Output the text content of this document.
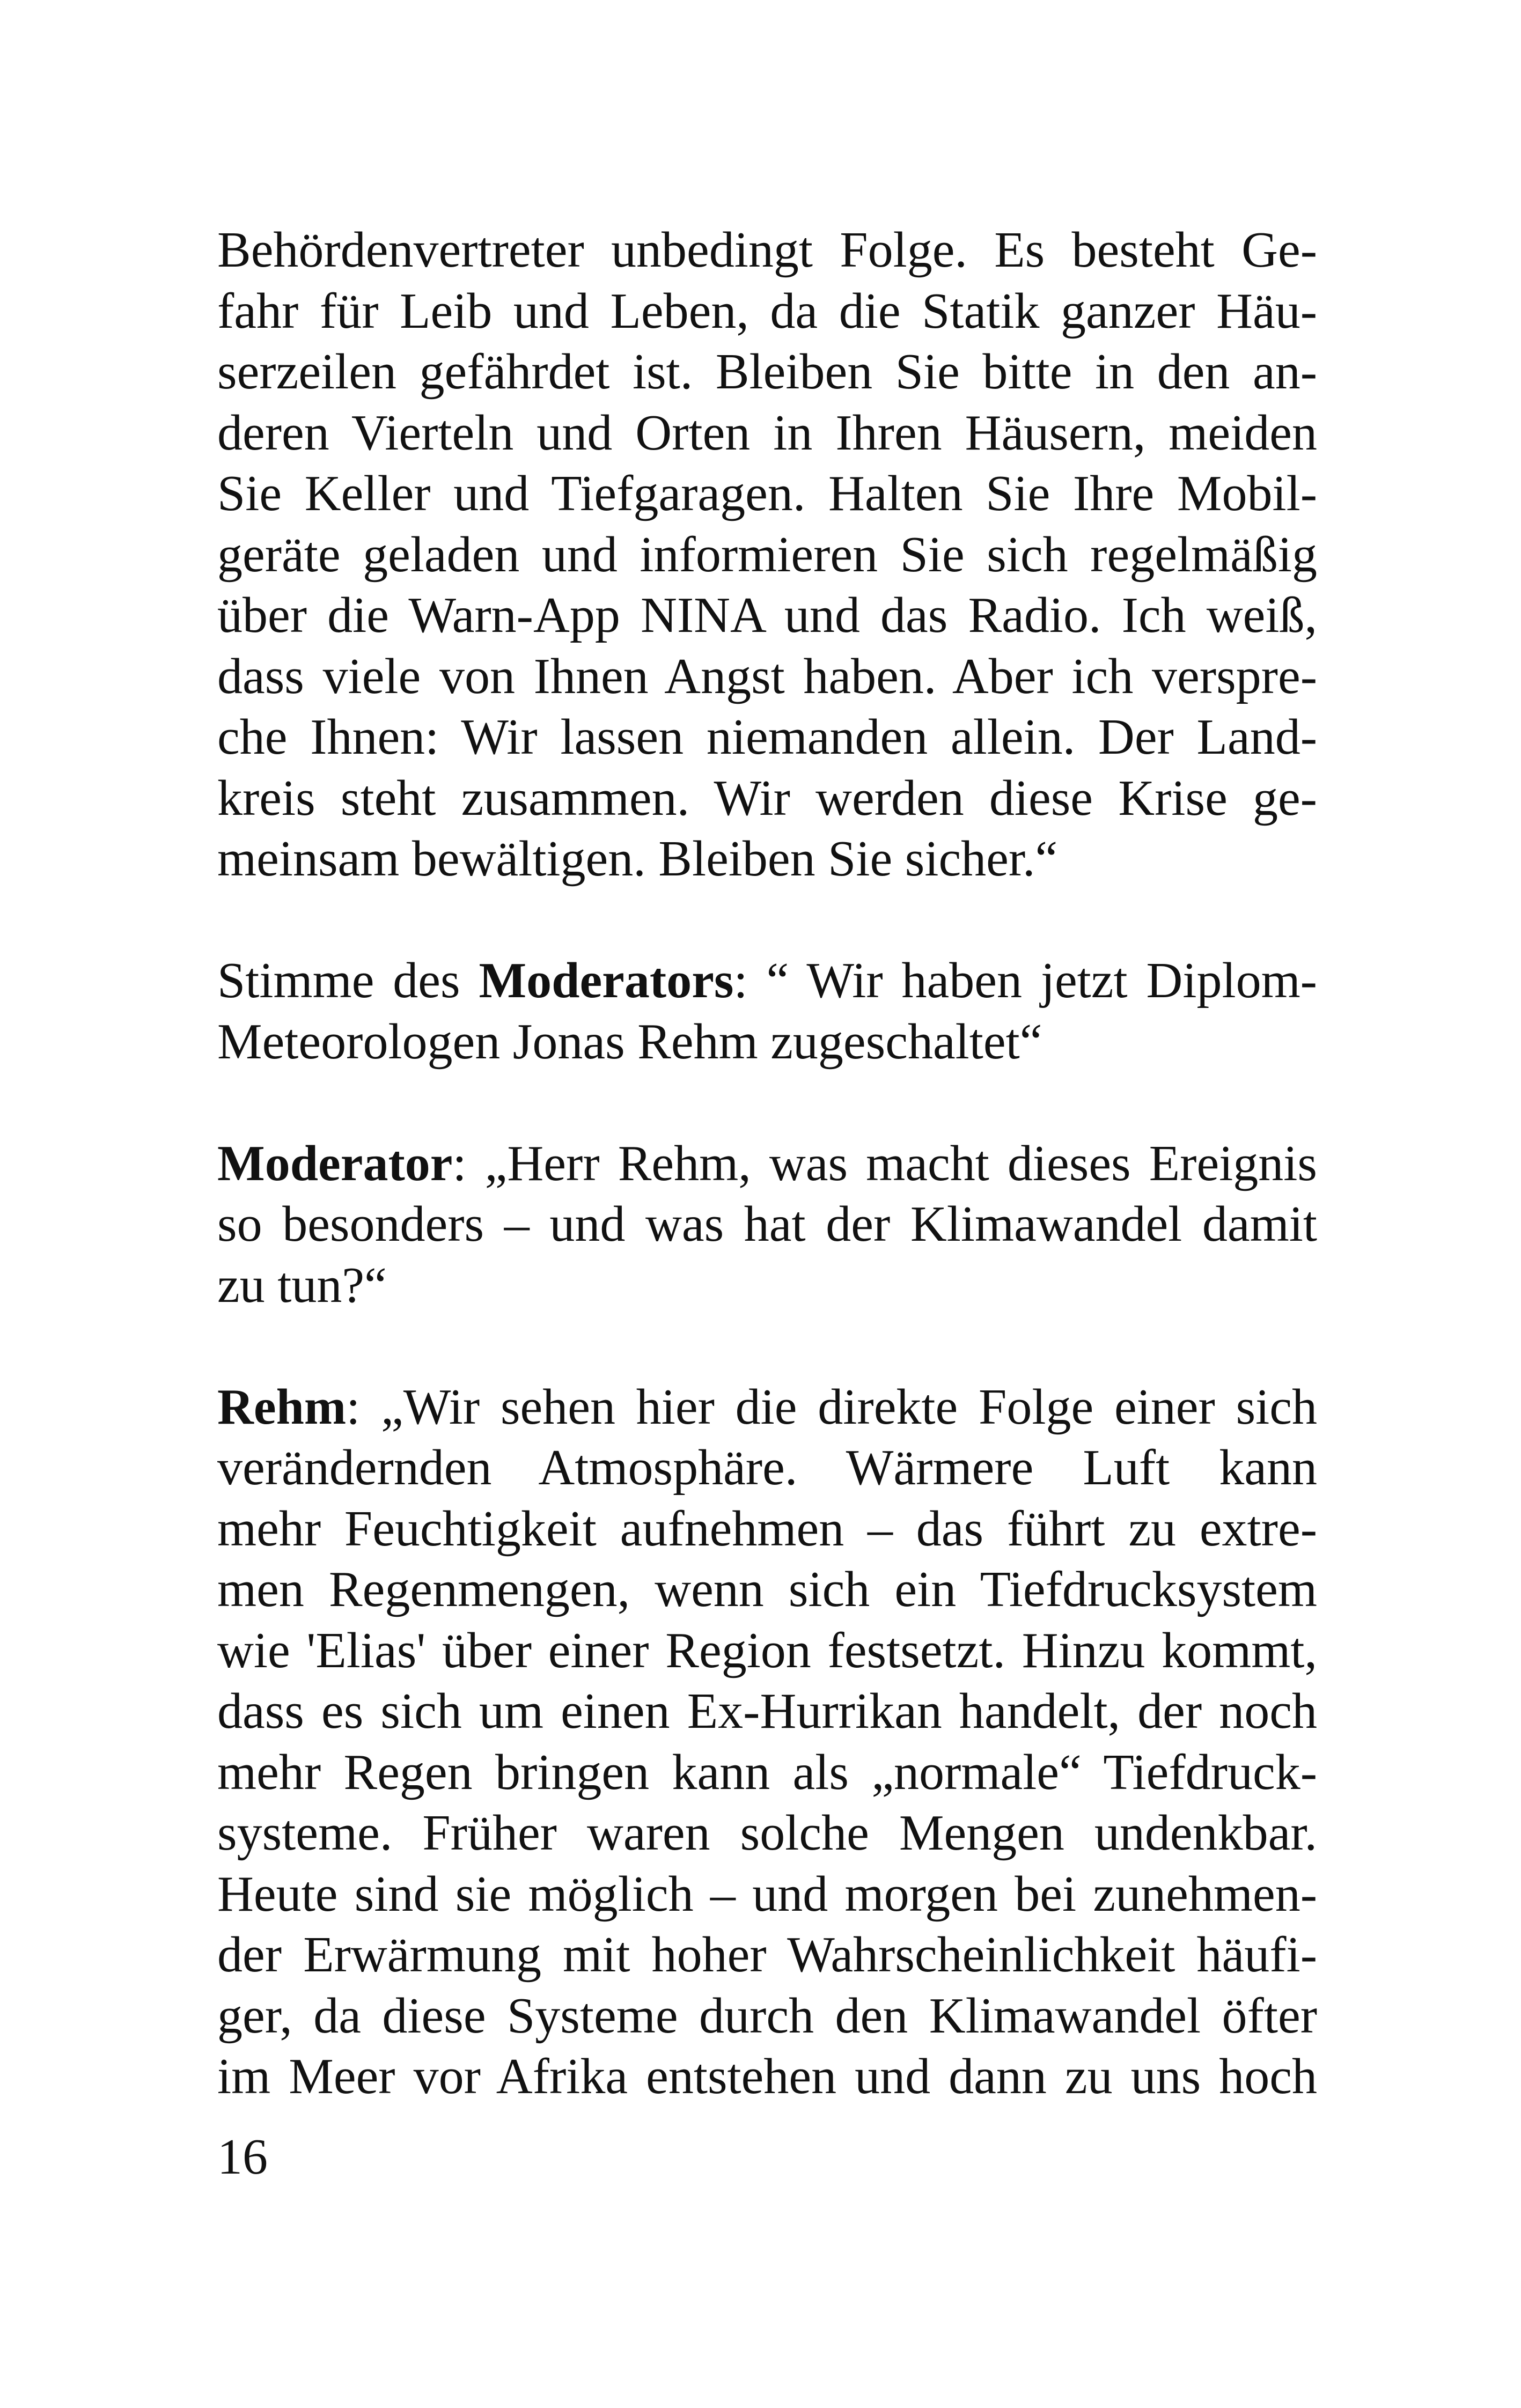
Behördenvertreter unbedingt Folge. Es besteht Ge-
fahr für Leib und Leben, da die Statik ganzer Häu-
serzeilen gefährdet ist. Bleiben Sie bitte in den an-
deren Vierteln und Orten in Ihren Häusern, meiden
Sie Keller und Tiefgaragen. Halten Sie Ihre Mobil-
geräte geladen und informieren Sie sich regelmäßig
über die Warn-App NINA und das Radio. Ich weiß,
dass viele von Ihnen Angst haben. Aber ich verspre-
che Ihnen: Wir lassen niemanden allein. Der Land-
kreis steht zusammen. Wir werden diese Krise ge-
meinsam bewältigen. Bleiben Sie sicher.“
Stimme des Moderators: “ Wir haben jetzt Diplom-
Meteorologen Jonas Rehm zugeschaltet“
Moderator: „Herr Rehm, was macht dieses Ereignis
so besonders – und was hat der Klimawandel damit
zu tun?“
Rehm: „Wir sehen hier die direkte Folge einer sich
verändernden Atmosphäre. Wärmere Luft kann
mehr Feuchtigkeit aufnehmen – das führt zu extre-
men Regenmengen, wenn sich ein Tiefdrucksystem
wie 'Elias' über einer Region festsetzt. Hinzu kommt,
dass es sich um einen Ex-Hurrikan handelt, der noch
mehr Regen bringen kann als „normale“ Tiefdruck-
systeme. Früher waren solche Mengen undenkbar.
Heute sind sie möglich – und morgen bei zunehmen-
der Erwärmung mit hoher Wahrscheinlichkeit häufi-
ger, da diese Systeme durch den Klimawandel öfter
im Meer vor Afrika entstehen und dann zu uns hoch
16
